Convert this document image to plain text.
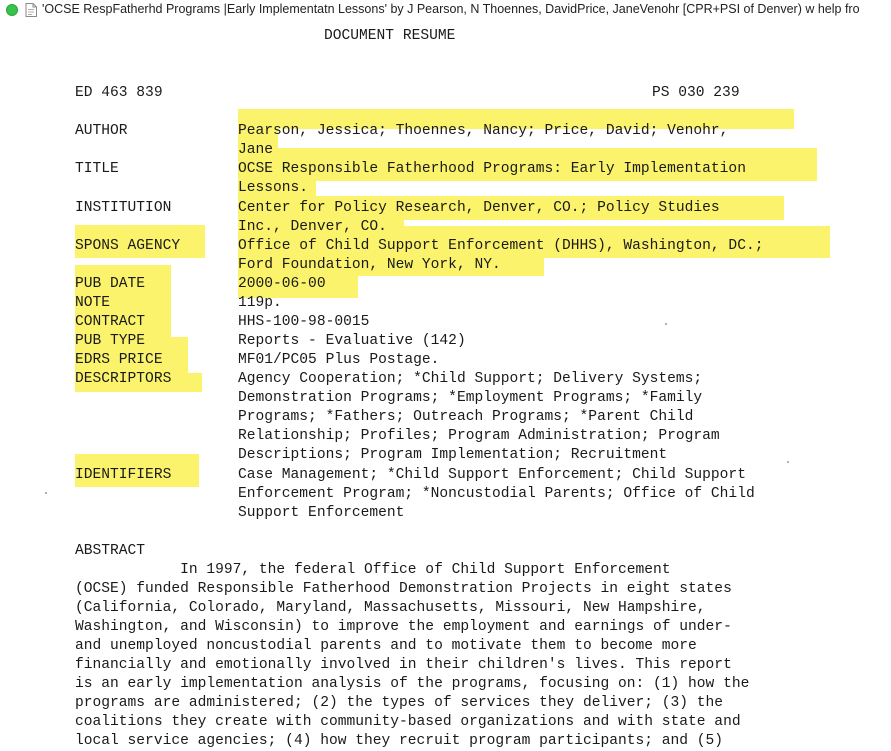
'OCSE RespFatherhd Programs |Early Implementatn Lessons' by J Pearson, N Thoennes, DavidPrice, JaneVenohr [CPR+PSI of Denver) w help fro
DOCUMENT RESUME
ED 463 839	PS 030 239
AUTHOR	Pearson, Jessica; Thoennes, Nancy; Price, David; Venohr,
Jane
TITLE	OCSE Responsible Fatherhood Programs: Early Implementation
Lessons.
INSTITUTION	Center for Policy Research, Denver, CO.; Policy Studies
Inc., Denver, CO.
SPONS AGENCY	Office of Child Support Enforcement (DHHS), Washington, DC.;
Ford Foundation, New York, NY.
PUB DATE	2000-06-00
NOTE	119p.
CONTRACT	HHS-100-98-0015
PUB TYPE	Reports - Evaluative (142)
EDRS PRICE	MF01/PC05 Plus Postage.
DESCRIPTORS	Agency Cooperation; *Child Support; Delivery Systems;
Demonstration Programs; *Employment Programs; *Family
Programs; *Fathers; Outreach Programs; *Parent Child
Relationship; Profiles; Program Administration; Program
Descriptions; Program Implementation; Recruitment
IDENTIFIERS	Case Management; *Child Support Enforcement; Child Support
Enforcement Program; *Noncustodial Parents; Office of Child
Support Enforcement
ABSTRACT
In 1997, the federal Office of Child Support Enforcement
(OCSE) funded Responsible Fatherhood Demonstration Projects in eight states
(California, Colorado, Maryland, Massachusetts, Missouri, New Hampshire,
Washington, and Wisconsin) to improve the employment and earnings of under-
and unemployed noncustodial parents and to motivate them to become more
financially and emotionally involved in their children's lives. This report
is an early implementation analysis of the programs, focusing on: (1) how the
programs are administered; (2) the types of services they deliver; (3) the
coalitions they create with community-based organizations and with state and
local service agencies; (4) how they recruit program participants; and (5)
